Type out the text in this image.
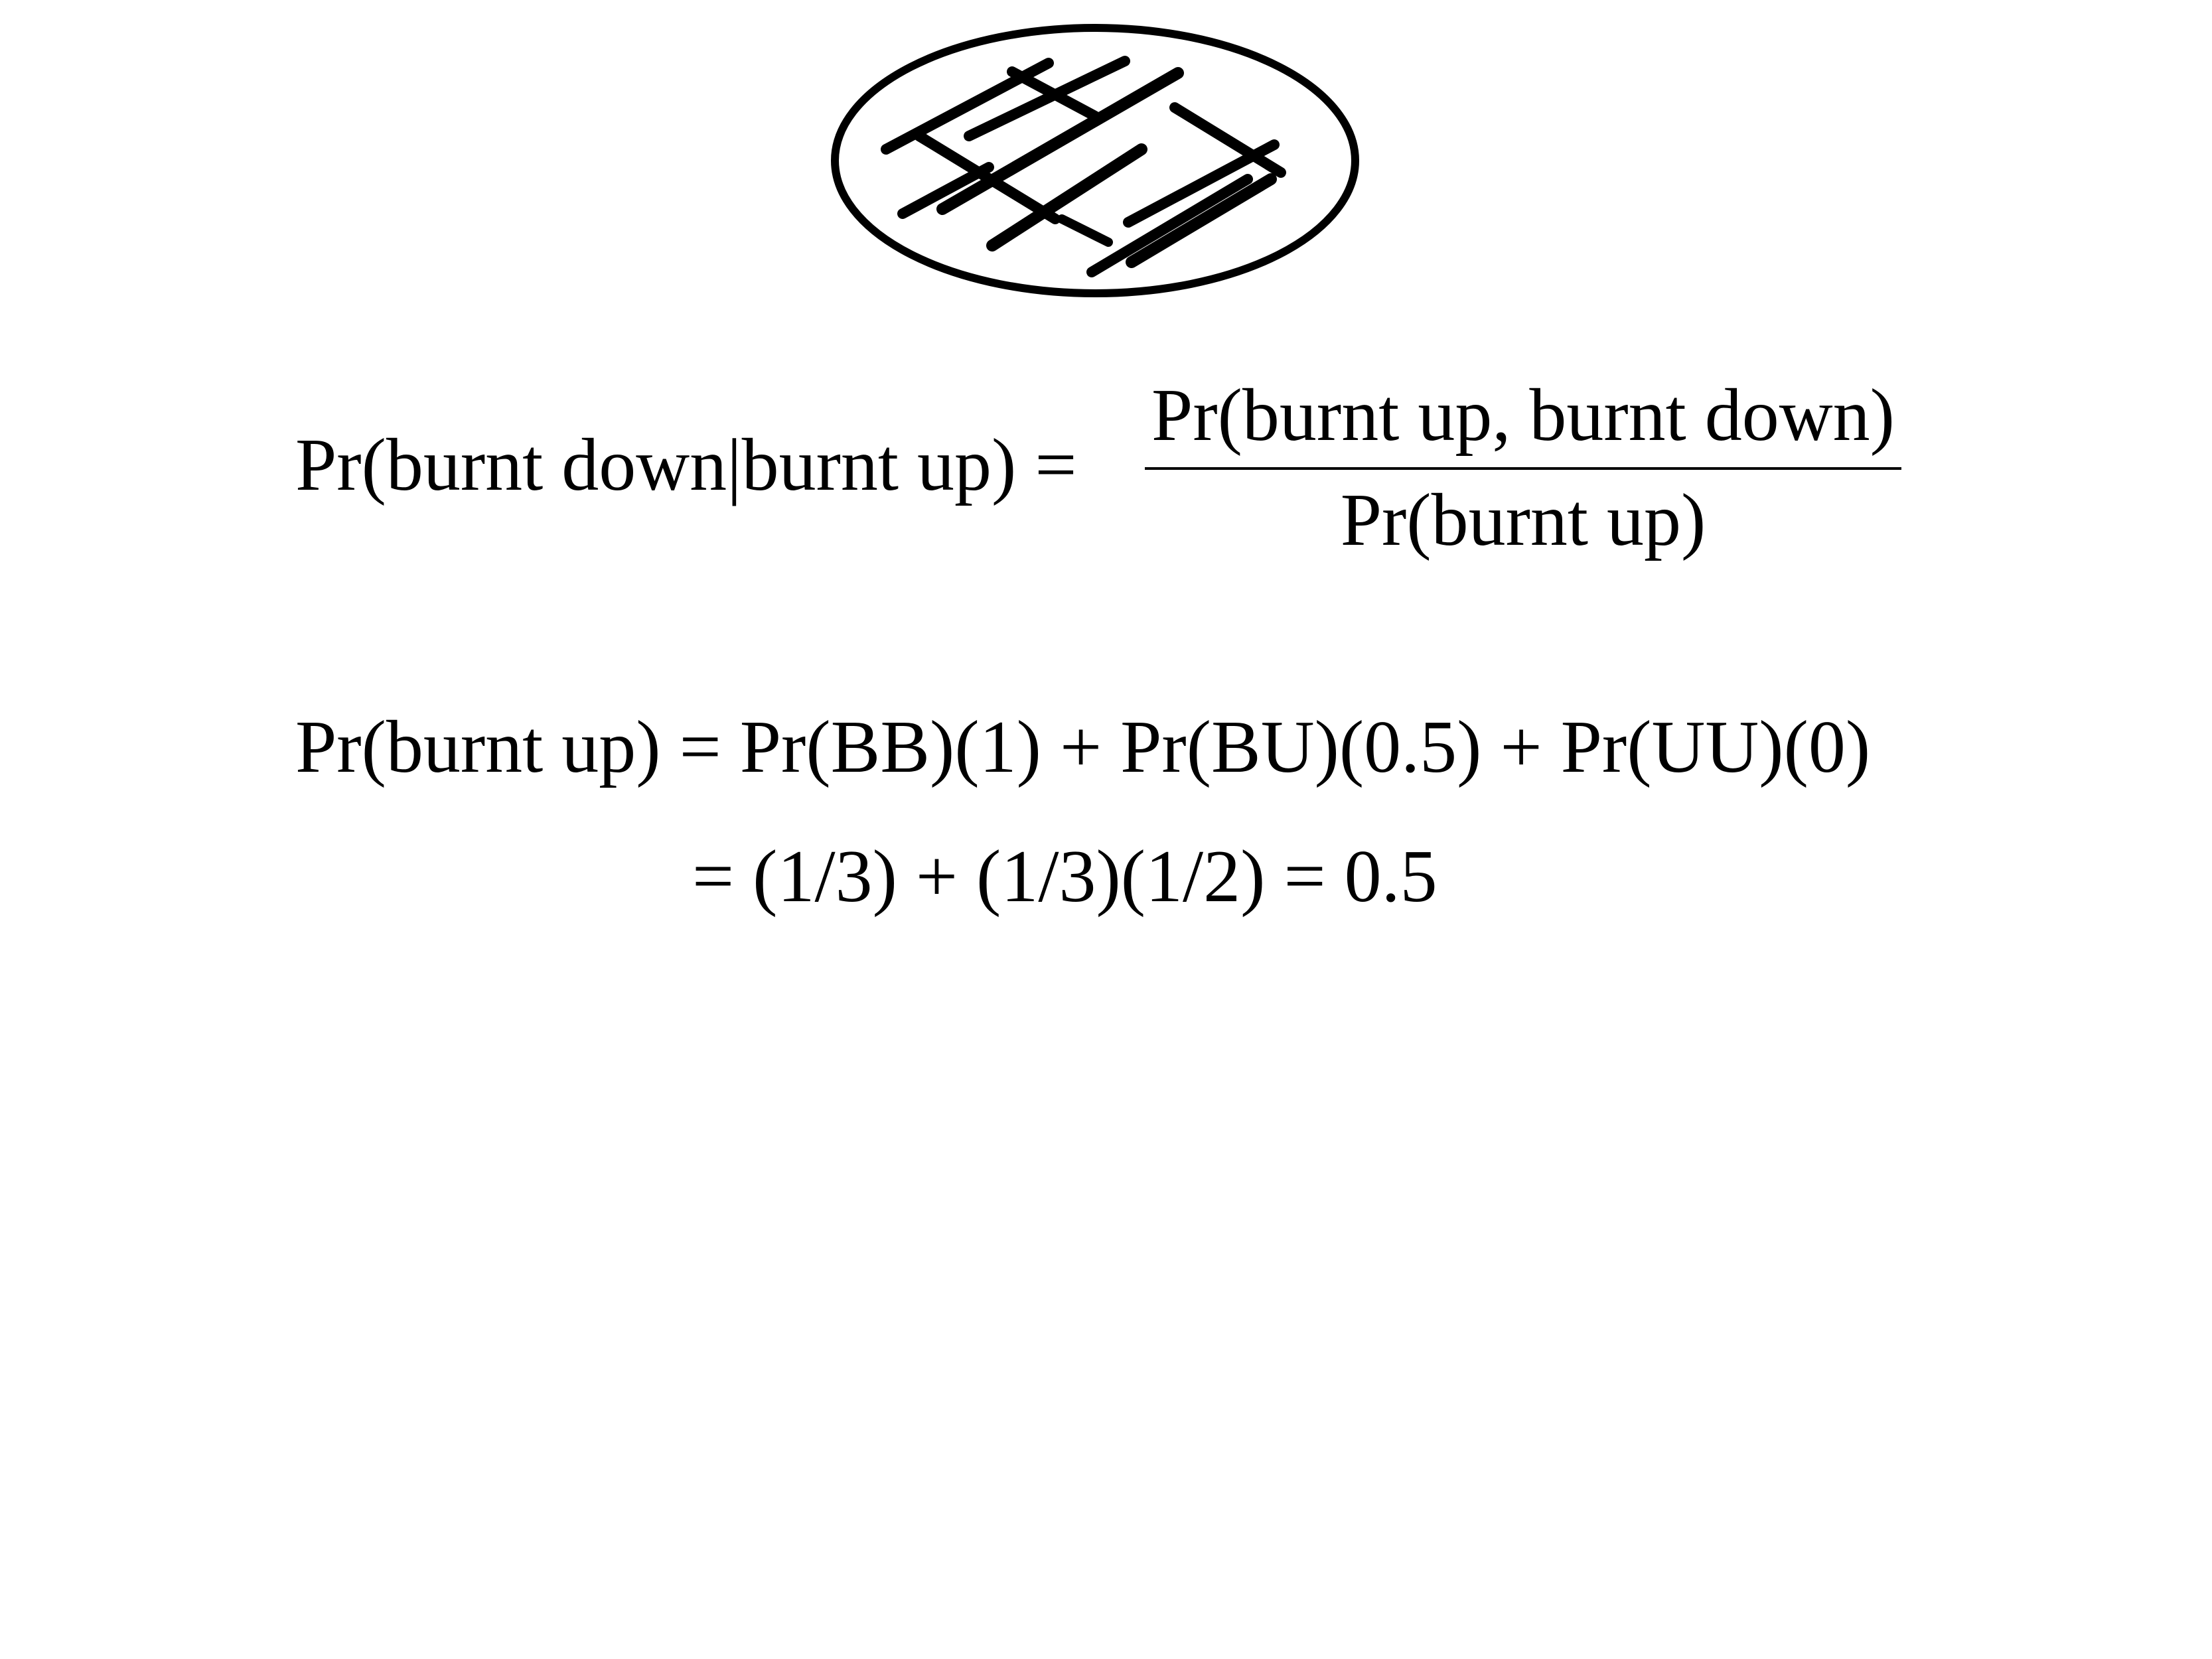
Pr(burnt down|burnt up) =
Pr(burnt up, burnt down)
Pr(burnt up)
Pr(burnt up) = Pr(BB)(1) + Pr(BU)(0.5) + Pr(UU)(0)
= (1/3) + (1/3)(1/2) = 0.5
